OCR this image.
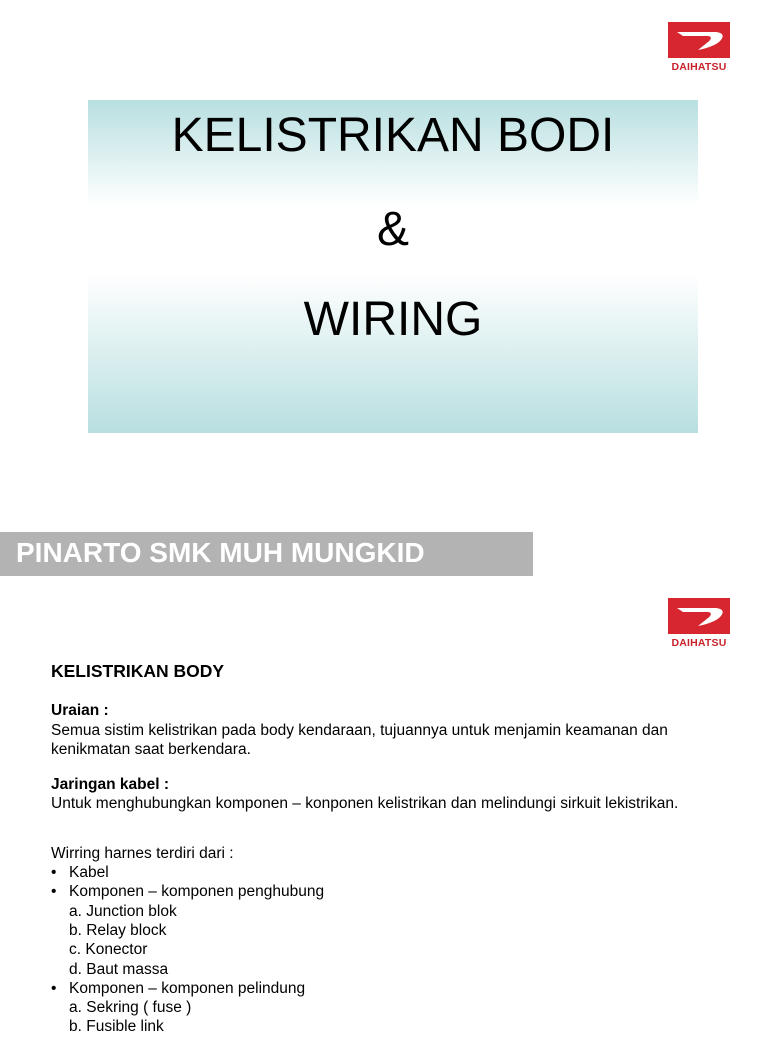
DAIHATSU
KELISTRIKAN BODI
&
WIRING
PINARTO SMK MUH MUNGKID
DAIHATSU

KELISTRIKAN BODY

Uraian :

Semua sistim kelistrikan pada body kendaraan, tujuannya untuk menjamin keamanan dan kenikmatan saat berkendara.

Jaringan kabel :

Untuk menghubungkan komponen – konponen kelistrikan dan melindungi sirkuit lekistrikan.

Wirring harnes terdiri dari :

• Kabel

• Komponen – komponen penghubung

a. Junction blok

b. Relay block

c. Konector

d. Baut massa

• Komponen – komponen pelindung

a. Sekring ( fuse )

b. Fusible link
